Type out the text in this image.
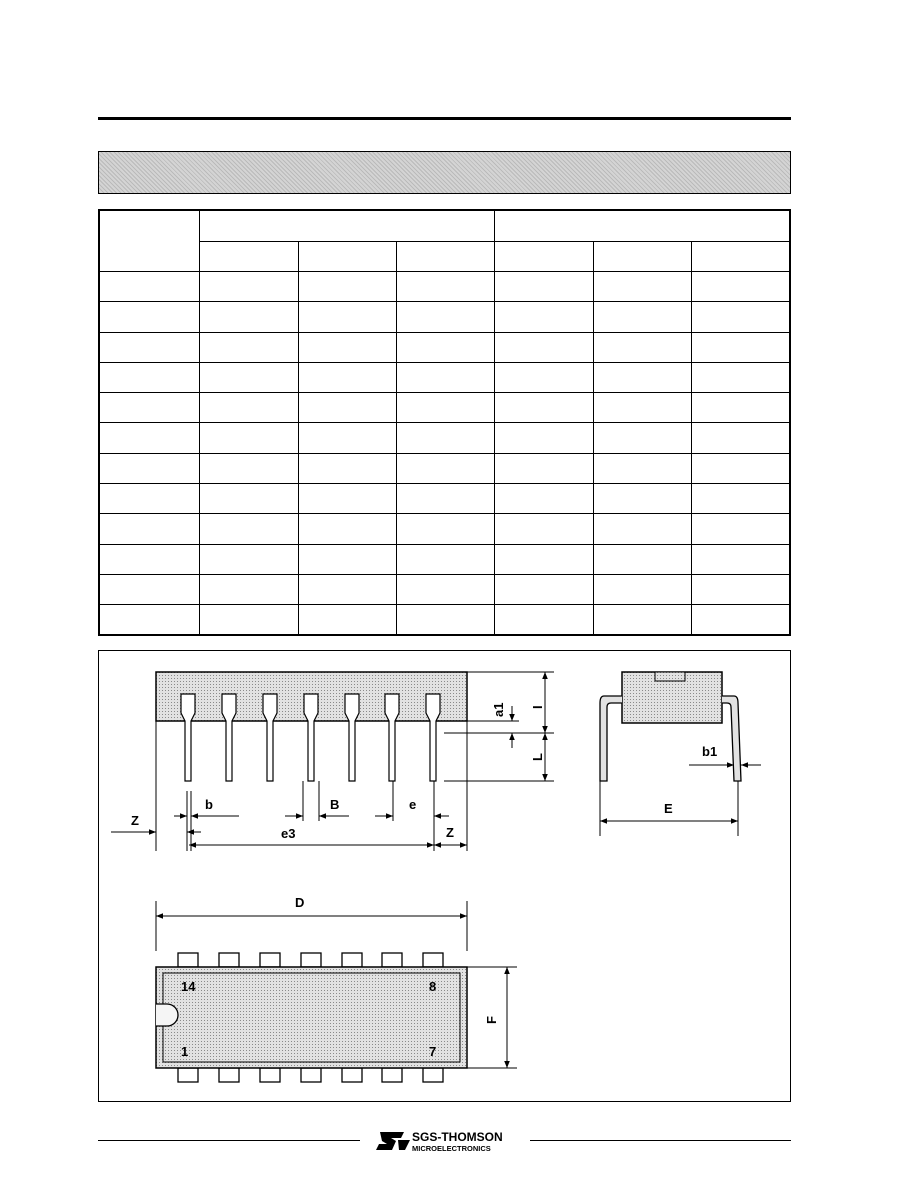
a1 I
L
b	B	e
Z
e3	Z
E
b1
D
14	8
1	7
F
SGS-THOMSON
MICROELECTRONICS
